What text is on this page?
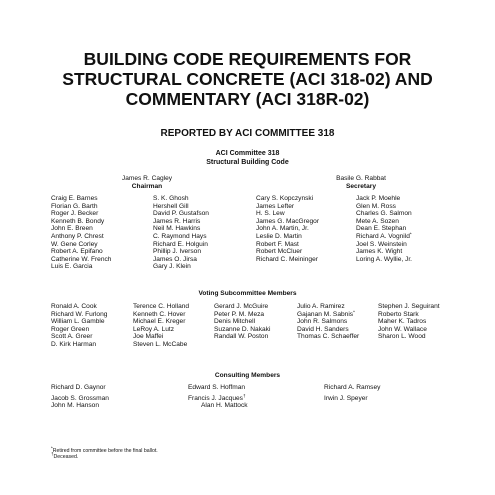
BUILDING CODE REQUIREMENTS FOR
STRUCTURAL CONCRETE (ACI 318-02) AND
COMMENTARY (ACI 318R-02)
REPORTED BY ACI COMMITTEE 318
ACI Committee 318
Structural Building Code
James R. Cagley
Chairman
Basile G. Rabbat
Secretary
Craig E. Barnes
Florian G. Barth
Roger J. Becker
Kenneth B. Bondy
John E. Breen
Anthony P. Chrest
W. Gene Corley
Robert A. Epifano
Catherine W. French
Luis E. Garcia
S. K. Ghosh
Hershell Gill
David P. Gustafson
James R. Harris
Neil M. Hawkins
C. Raymond Hays
Richard E. Holguin
Phillip J. Iverson
James O. Jirsa
Gary J. Klein
Cary S. Kopczynski
James Lefter
H. S. Lew
James G. MacGregor
John A. Martin, Jr.
Leslie D. Martin
Robert F. Mast
Robert McCluer
Richard C. Meininger
Jack P. Moehle
Glen M. Ross
Charles G. Salmon
Mete A. Sozen
Dean E. Stephan
Richard A. Vognild*
Joel S. Weinstein
James K. Wight
Loring A. Wyllie, Jr.
Voting Subcommittee Members
Ronald A. Cook
Richard W. Furlong
William L. Gamble
Roger Green
Scott A. Greer
D. Kirk Harman
Terence C. Holland
Kenneth C. Hover
Michael E. Kreger
LeRoy A. Lutz
Joe Maffei
Steven L. McCabe
Gerard J. McGuire
Peter P. M. Meza
Denis Mitchell
Suzanne D. Nakaki
Randall W. Poston
Julio A. Ramirez
Gajanan M. Sabnis*
John R. Salmons
David H. Sanders
Thomas C. Schaeffer
Stephen J. Seguirant
Roberto Stark
Maher K. Tadros
John W. Wallace
Sharon L. Wood
Consulting Members
Richard D. Gaynor
Jacob S. Grossman
John M. Hanson
Edward S. Hoffman
Francis J. Jacques†
Alan H. Mattock
Richard A. Ramsey
Irwin J. Speyer
*Retired from committee before the final ballot.
†Deceased.
